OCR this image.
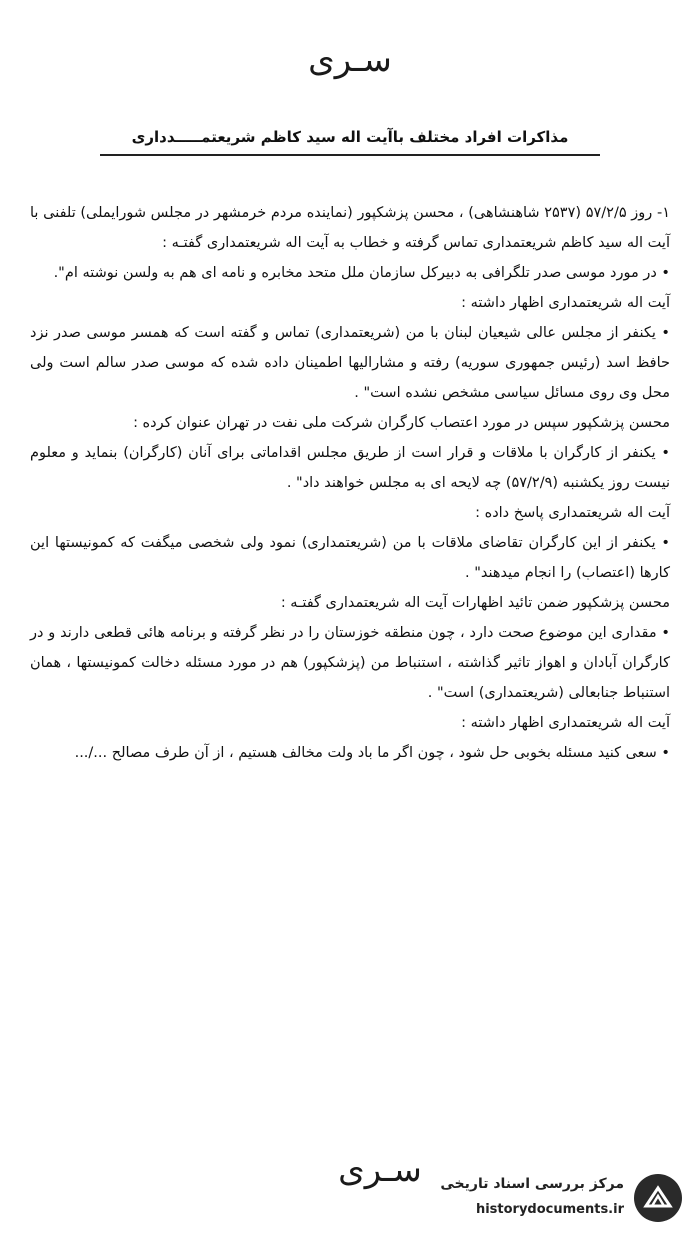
سـری
مذاکرات افراد مختلف باآیت اله سید کاظم شریعتمـــــدداری

۱- روز ۵۷/۲/۵ (۲۵۳۷ شاهنشاهی) ، محسن پزشکپور (نماینده مردم خرمشهر در مجلس شورایملی) تلفنی با آیت اله سید کاظم شریعتمداری تماس گرفته و خطاب به آیت اله شریعتمداری گفتـه :

• در مورد موسی صدر تلگرافی به دبیرکل سازمان ملل متحد مخابره و نامه ای هم به ولسن نوشته ام".

آیت اله شریعتمداری اظهار داشته :

• یکنفر از مجلس عالی شیعیان لبنان با من (شریعتمداری) تماس و گفته است که همسر موسی صدر نزد حافظ اسد (رئیس جمهوری سوریه) رفته و مشارالیها اطمینان داده شده که موسی صدر سالم است ولی محل وی روی مسائل سیاسی مشخص نشده است" .

محسن پزشکپور سپس در مورد اعتصاب کارگران شرکت ملی نفت در تهران عنوان کرده :

• یکنفر از کارگران با ملاقات و قرار است از طریق مجلس اقداماتی برای آنان (کارگران) بنماید و معلوم نیست روز یکشنبه (۵۷/۲/۹) چه لایحه ای به مجلس خواهند داد" .

آیت اله شریعتمداری پاسخ داده :

• یکنفر از این کارگران تقاضای ملاقات با من (شریعتمداری) نمود ولی شخصی میگفت که کمونیستها این کارها (اعتصاب) را انجام میدهند" .

محسن پزشکپور ضمن تائید اظهارات آیت اله شریعتمداری گفتـه :

• مقداری این موضوع صحت دارد ، چون منطقه خوزستان را در نظر گرفته و برنامه هائی قطعی دارند و در کارگران آبادان و اهواز تاثیر گذاشته ، استنباط من (پزشکپور) هم در مورد مسئله دخالت کمونیستها ، همان استنباط جنابعالی (شریعتمداری) است" .

آیت اله شریعتمداری اظهار داشته :

• سعی کنید مسئله بخوبی حل شود ، چون اگر ما باد ولت مخالف هستیم ، از آن طرف مصالح .../...

سـری	مرکز بررسی اسناد تاریخی
historydocuments.ir
